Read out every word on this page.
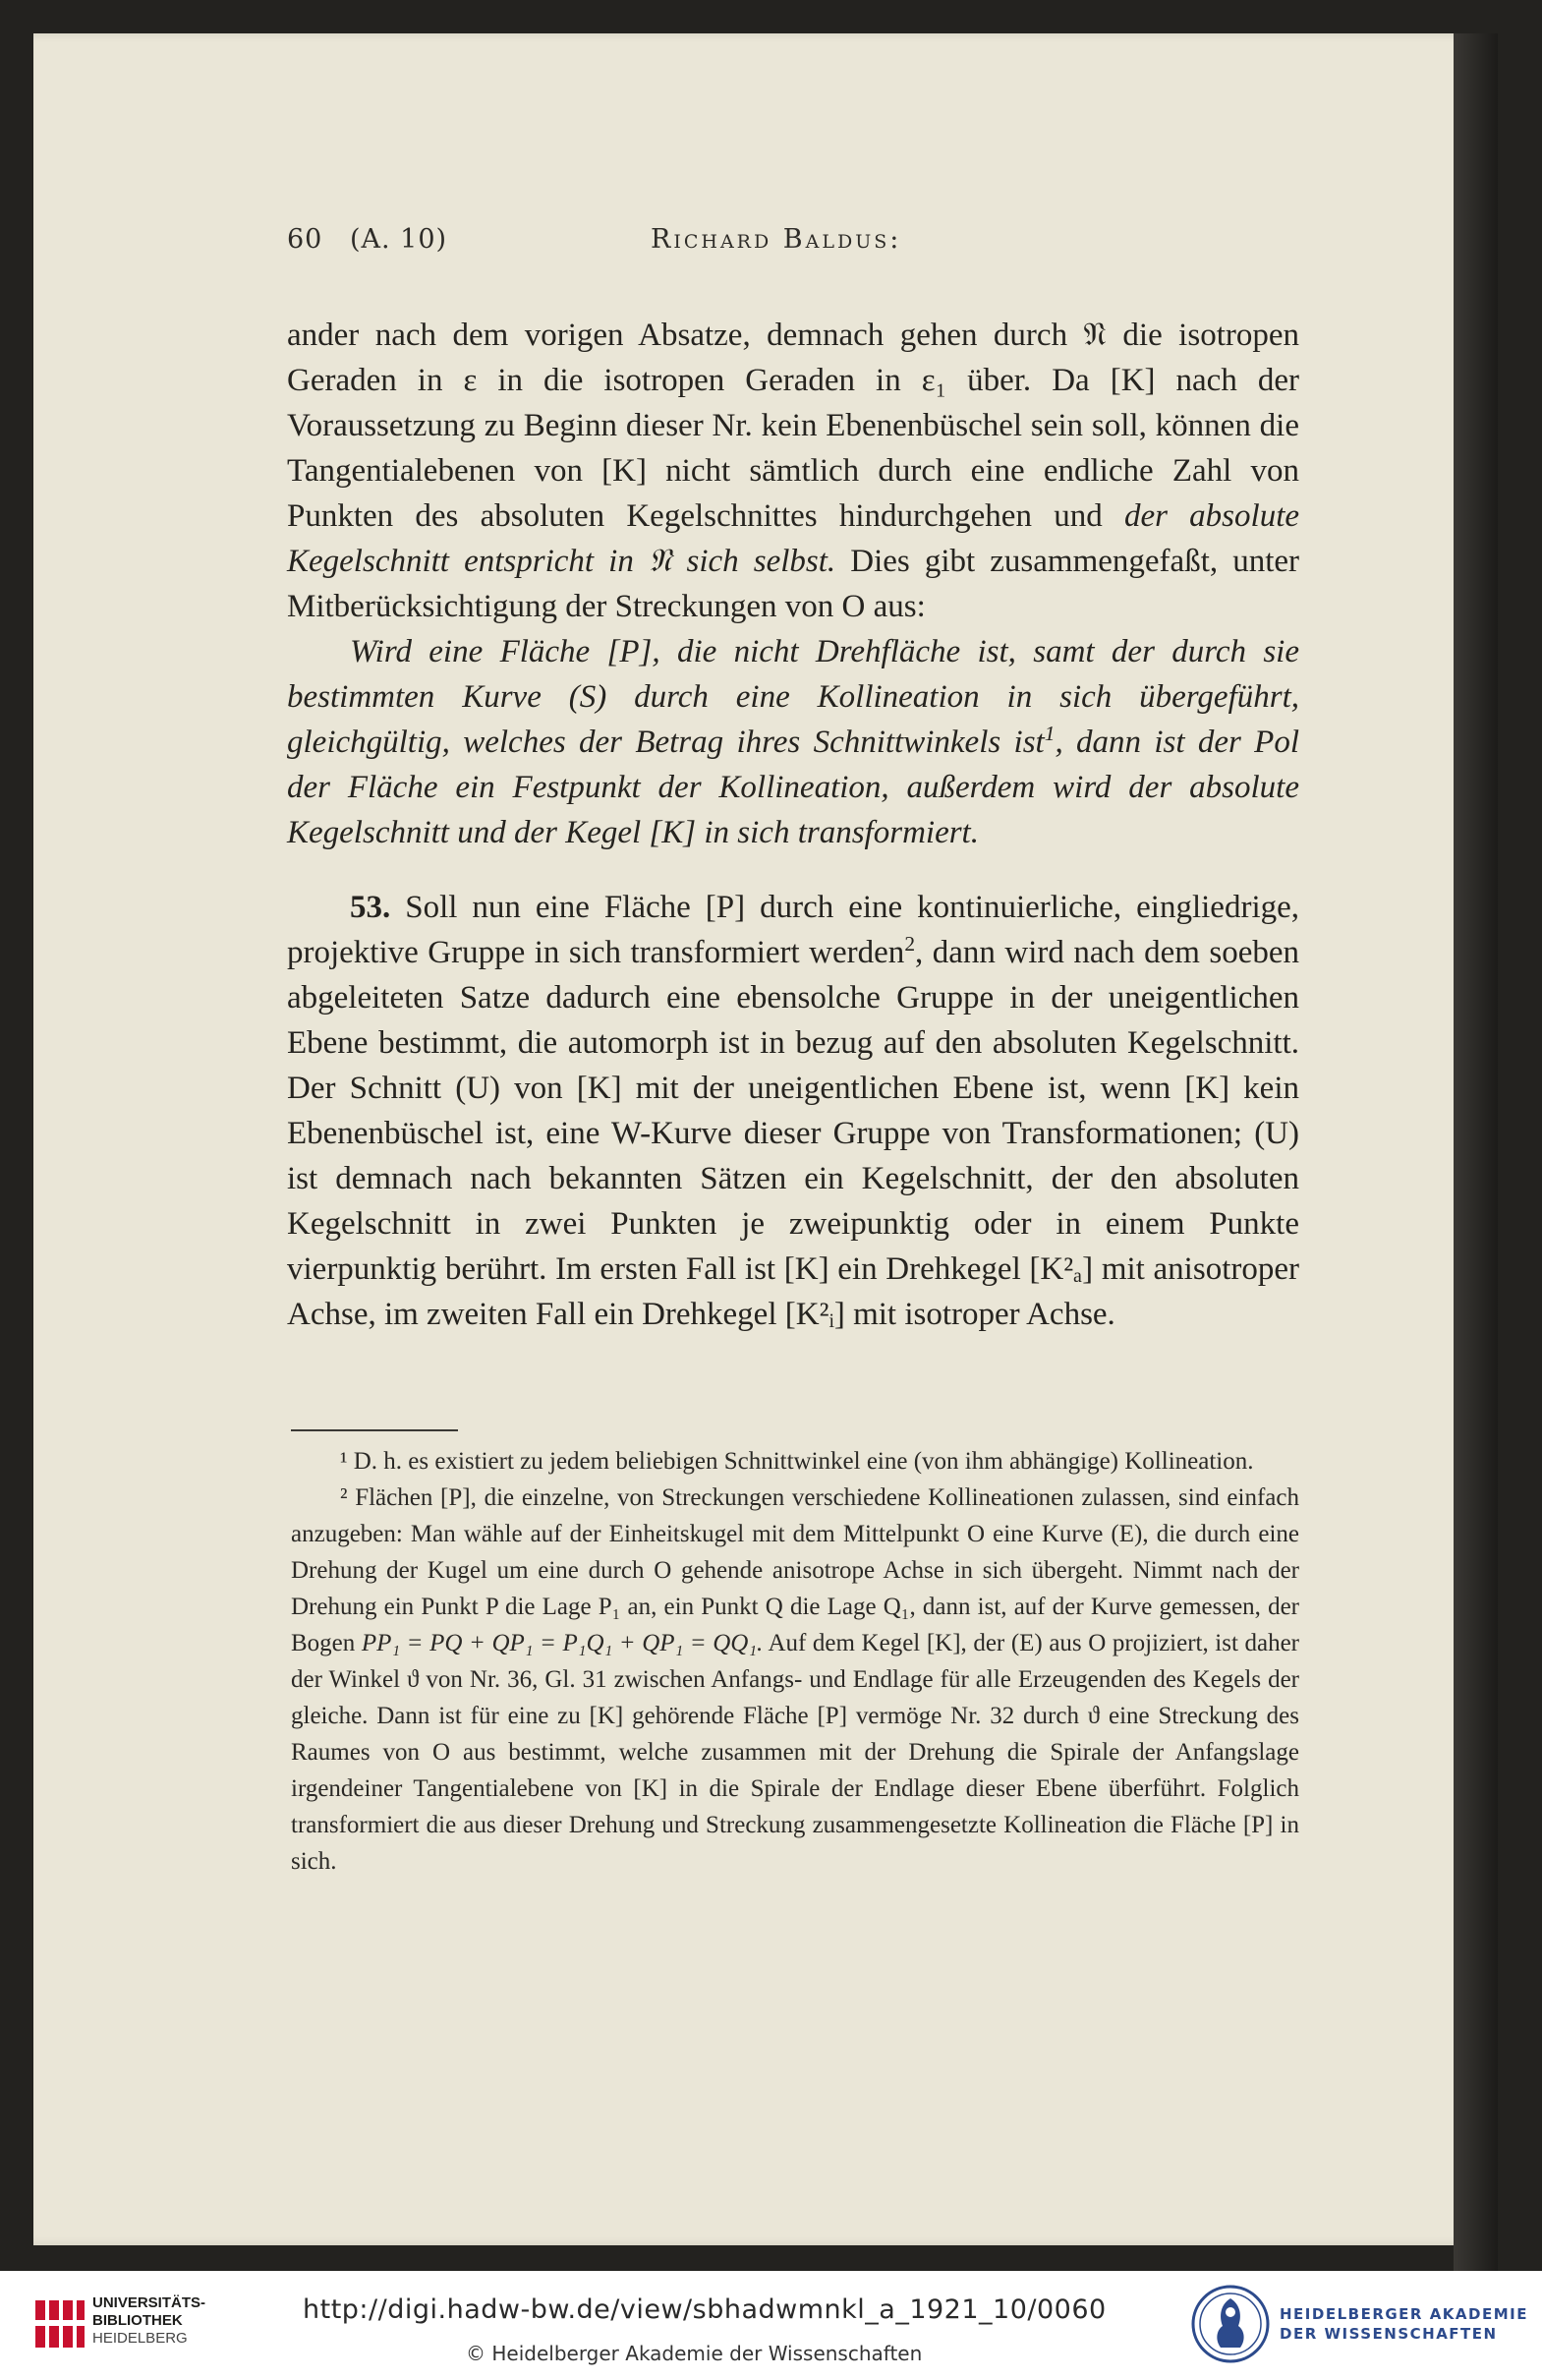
60 (A. 10)	Richard Baldus:

ander nach dem vorigen Absatze, demnach gehen durch 𝔑 die isotropen Geraden in ε in die isotropen Geraden in ε₁ über. Da [K] nach der Voraussetzung zu Beginn dieser Nr. kein Ebenenbüschel sein soll, können die Tangentialebenen von [K] nicht sämtlich durch eine endliche Zahl von Punkten des absoluten Kegelschnittes hindurchgehen und der absolute Kegelschnitt entspricht in 𝔑 sich selbst. Dies gibt zusammengefaßt, unter Mitberücksichtigung der Streckungen von O aus:

Wird eine Fläche [P], die nicht Drehfläche ist, samt der durch sie bestimmten Kurve (S) durch eine Kollineation in sich übergeführt, gleichgültig, welches der Betrag ihres Schnittwinkels ist$^1$, dann ist der Pol der Fläche ein Festpunkt der Kollineation, außerdem wird der absolute Kegelschnitt und der Kegel [K] in sich transformiert.

53. Soll nun eine Fläche [P] durch eine kontinuierliche, eingliedrige, projektive Gruppe in sich transformiert werden$^2$, dann wird nach dem soeben abgeleiteten Satze dadurch eine ebensolche Gruppe in der uneigentlichen Ebene bestimmt, die automorph ist in bezug auf den absoluten Kegelschnitt. Der Schnitt (U) von [K] mit der uneigentlichen Ebene ist, wenn [K] kein Ebenenbüschel ist, eine W-Kurve dieser Gruppe von Transformationen; (U) ist demnach nach bekannten Sätzen ein Kegelschnitt, der den absoluten Kegelschnitt in zwei Punkten je zweipunktig oder in einem Punkte vierpunktig berührt. Im ersten Fall ist [K] ein Drehkegel [K²ₐ] mit anisotroper Achse, im zweiten Fall ein Drehkegel [K²ᵢ] mit isotroper Achse.

¹ D. h. es existiert zu jedem beliebigen Schnittwinkel eine (von ihm abhängige) Kollineation.

² Flächen [P], die einzelne, von Streckungen verschiedene Kollineationen zulassen, sind einfach anzugeben: Man wähle auf der Einheitskugel mit dem Mittelpunkt O eine Kurve (E), die durch eine Drehung der Kugel um eine durch O gehende anisotrope Achse in sich übergeht. Nimmt nach der Drehung ein Punkt P die Lage P₁ an, ein Punkt Q die Lage Q₁, dann ist, auf der Kurve gemessen, der Bogen PP₁ = PQ + QP₁ = P₁Q₁ + QP₁ = QQ₁. Auf dem Kegel [K], der (E) aus O projiziert, ist daher der Winkel ϑ von Nr. 36, Gl. 31 zwischen Anfangs- und Endlage für alle Erzeugenden des Kegels der gleiche. Dann ist für eine zu [K] gehörende Fläche [P] vermöge Nr. 32 durch ϑ eine Streckung des Raumes von O aus bestimmt, welche zusammen mit der Drehung die Spirale der Anfangslage irgendeiner Tangentialebene von [K] in die Spirale der Endlage dieser Ebene überführt. Folglich transformiert die aus dieser Drehung und Streckung zusammengesetzte Kollineation die Fläche [P] in sich.

UNIVERSITÄTS-
BIBLIOTHEK
HEIDELBERG
http://digi.hadw-bw.de/view/sbhadwmnkl_a_1921_10/0060
© Heidelberger Akademie der Wissenschaften
HEIDELBERGER AKADEMIE
DER WISSENSCHAFTEN
